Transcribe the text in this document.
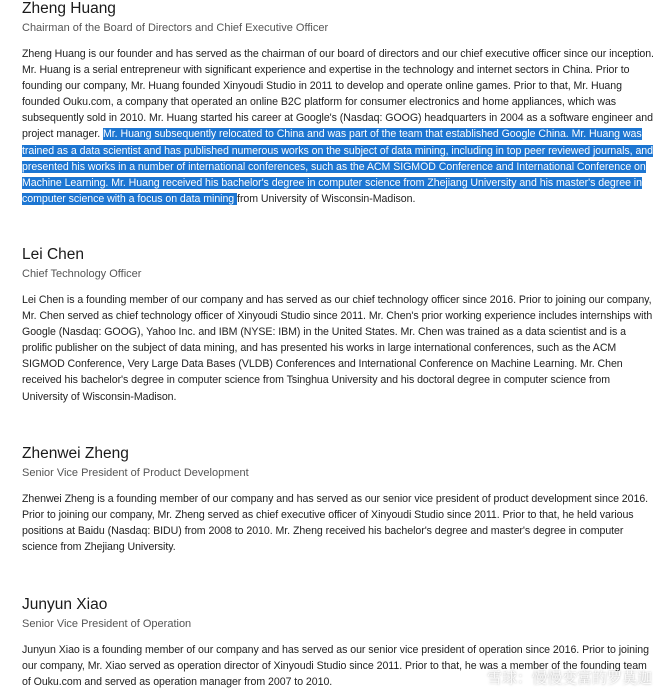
Zheng Huang

Chairman of the Board of Directors and Chief Executive Officer

Zheng Huang is our founder and has served as the chairman of our board of directors and our chief executive officer since our inception. Mr. Huang is a serial entrepreneur with significant experience and expertise in the technology and internet sectors in China. Prior to founding our company, Mr. Huang founded Xinyoudi Studio in 2011 to develop and operate online games. Prior to that, Mr. Huang founded Ouku.com, a company that operated an online B2C platform for consumer electronics and home appliances, which was subsequently sold in 2010. Mr. Huang started his career at Google's (Nasdaq: GOOG) headquarters in 2004 as a software engineer and project manager. Mr. Huang subsequently relocated to China and was part of the team that established Google China. Mr. Huang was trained as a data scientist and has published numerous works on the subject of data mining, including in top peer reviewed journals, and presented his works in a number of international conferences, such as the ACM SIGMOD Conference and International Conference on Machine Learning. Mr. Huang received his bachelor's degree in computer science from Zhejiang University and his master's degree in computer science with a focus on data mining from University of Wisconsin-Madison.

Lei Chen

Chief Technology Officer

Lei Chen is a founding member of our company and has served as our chief technology officer since 2016. Prior to joining our company, Mr. Chen served as chief technology officer of Xinyoudi Studio since 2011. Mr. Chen's prior working experience includes internships with Google (Nasdaq: GOOG), Yahoo Inc. and IBM (NYSE: IBM) in the United States. Mr. Chen was trained as a data scientist and is a prolific publisher on the subject of data mining, and has presented his works in large international conferences, such as the ACM SIGMOD Conference, Very Large Data Bases (VLDB) Conferences and International Conference on Machine Learning. Mr. Chen received his bachelor's degree in computer science from Tsinghua University and his doctoral degree in computer science from University of Wisconsin-Madison.

Zhenwei Zheng

Senior Vice President of Product Development

Zhenwei Zheng is a founding member of our company and has served as our senior vice president of product development since 2016. Prior to joining our company, Mr. Zheng served as chief executive officer of Xinyoudi Studio since 2011. Prior to that, he held various positions at Baidu (Nasdaq: BIDU) from 2008 to 2010. Mr. Zheng received his bachelor's degree and master's degree in computer science from Zhejiang University.

Junyun Xiao

Senior Vice President of Operation

Junyun Xiao is a founding member of our company and has served as our senior vice president of operation since 2016. Prior to joining our company, Mr. Xiao served as operation director of Xinyoudi Studio since 2011. Prior to that, he was a member of the founding team of Ouku.com and served as operation manager from 2007 to 2010.	雪球：慢慢变富的罗莫迦
